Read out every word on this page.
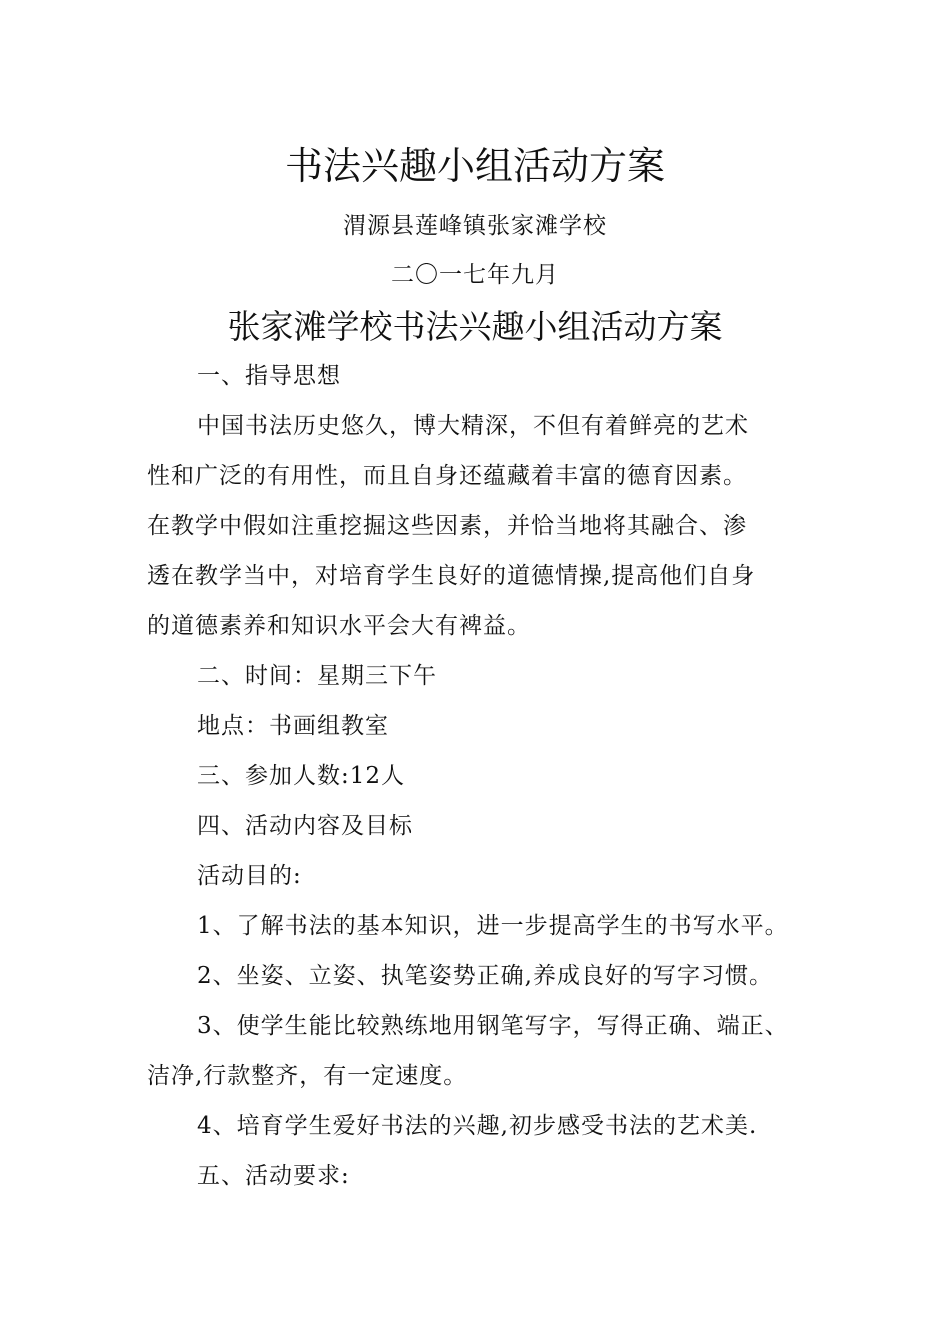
书法兴趣小组活动方案
渭源县莲峰镇张家滩学校
二〇一七年九月
张家滩学校书法兴趣小组活动方案
一、指导思想
中国书法历史悠久，博大精深，不但有着鲜亮的艺术
性和广泛的有用性，而且自身还蕴藏着丰富的德育因素。
在教学中假如注重挖掘这些因素，并恰当地将其融合、渗
透在教学当中，对培育学生良好的道德情操,提高他们自身
的道德素养和知识水平会大有裨益。
二、时间：星期三下午
地点：书画组教室
三、参加人数:12人
四、活动内容及目标
活动目的:
1、了解书法的基本知识，进一步提高学生的书写水平。
2、坐姿、立姿、执笔姿势正确,养成良好的写字习惯。
3、使学生能比较熟练地用钢笔写字，写得正确、端正、
洁净,行款整齐，有一定速度。
4、培育学生爱好书法的兴趣,初步感受书法的艺术美.
五、活动要求:
